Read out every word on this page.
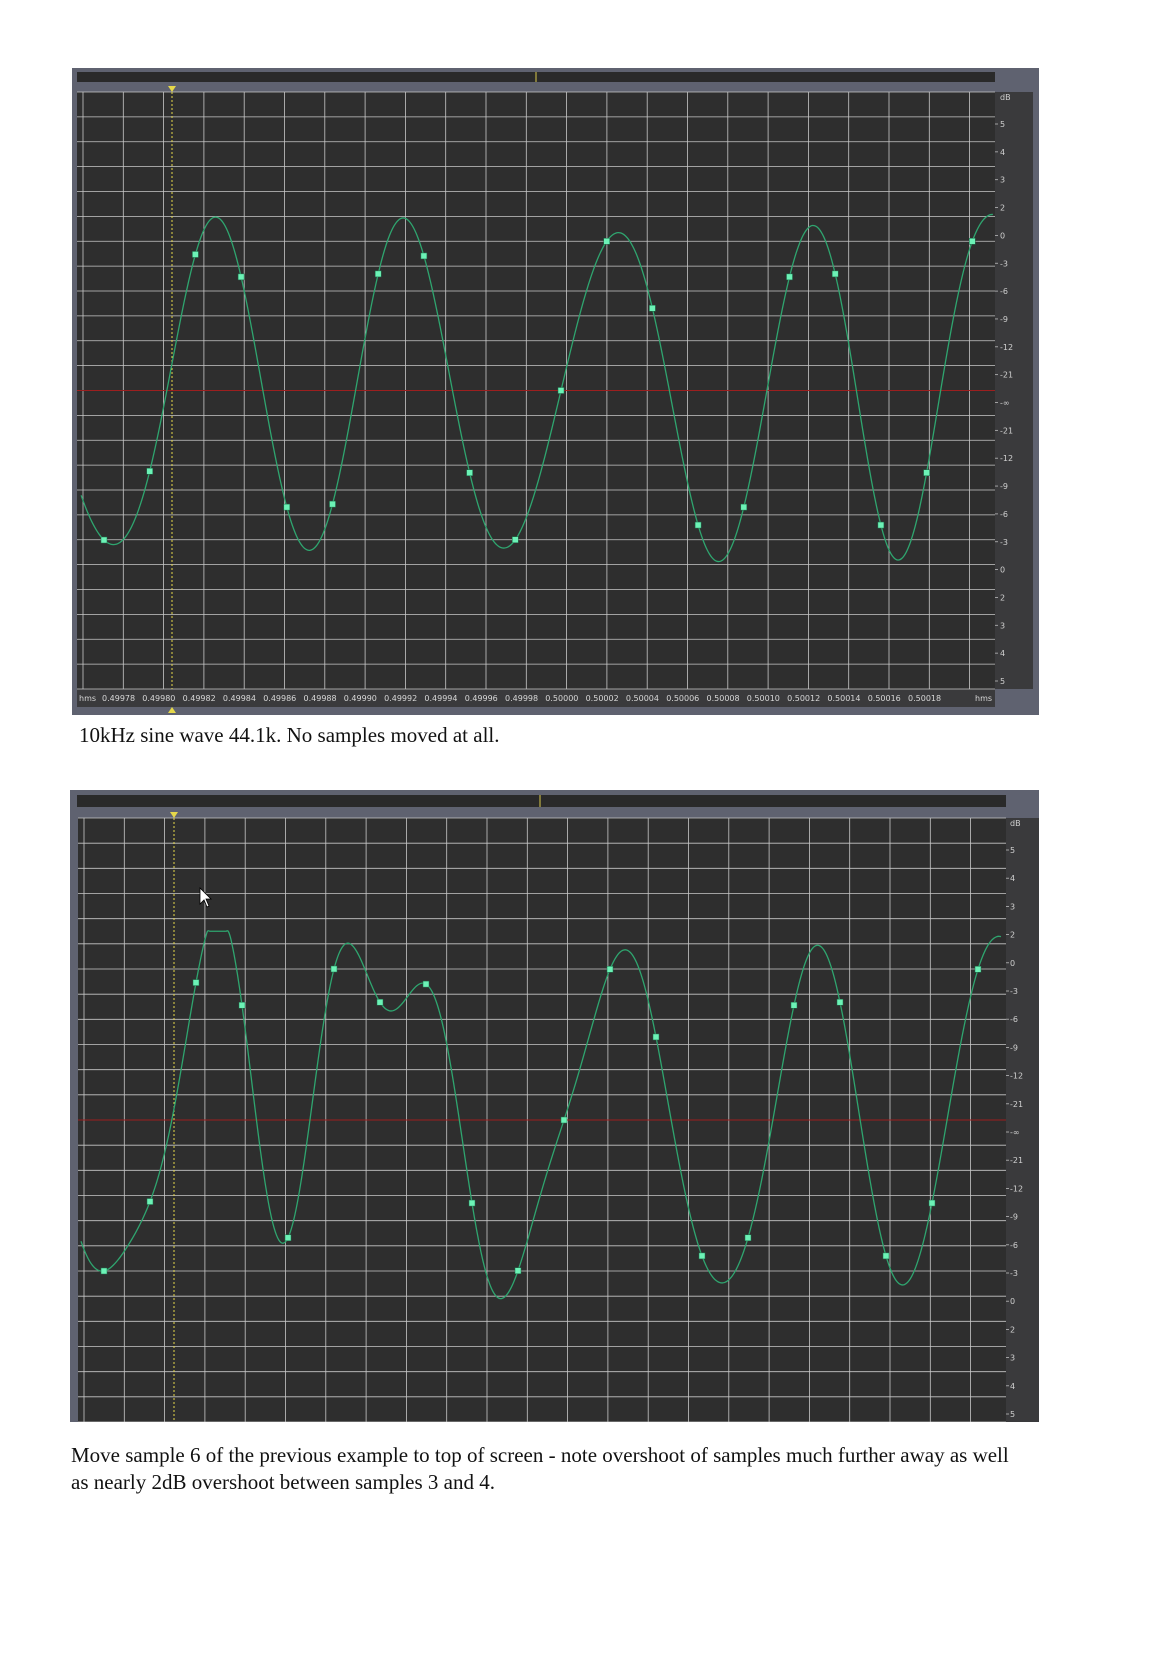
5
4
3
2
0
-3
-6
-9
-12
-21
-∞
-21
-12
-9
-6
-3
0
2
3
4
5
0.49978 0.49980 0.49982 0.49984 0.49986 0.49988 0.49990 0.49992 0.49994 0.49996 0.49998 0.50000 0.50002 0.50004 0.50006 0.50008 0.50010 0.50012 0.50014 0.50016 0.50018
dB
hms	hms

10kHz sine wave 44.1k. No samples moved at all.

5
4
3
2
0
-3
-6
-9
-12
-21
-∞
-21
-12
-9
-6
-3
0
2
3
4
5
dB

Move sample 6 of the previous example to top of screen - note overshoot of samples much further away as well as nearly 2dB overshoot between samples 3 and 4.
